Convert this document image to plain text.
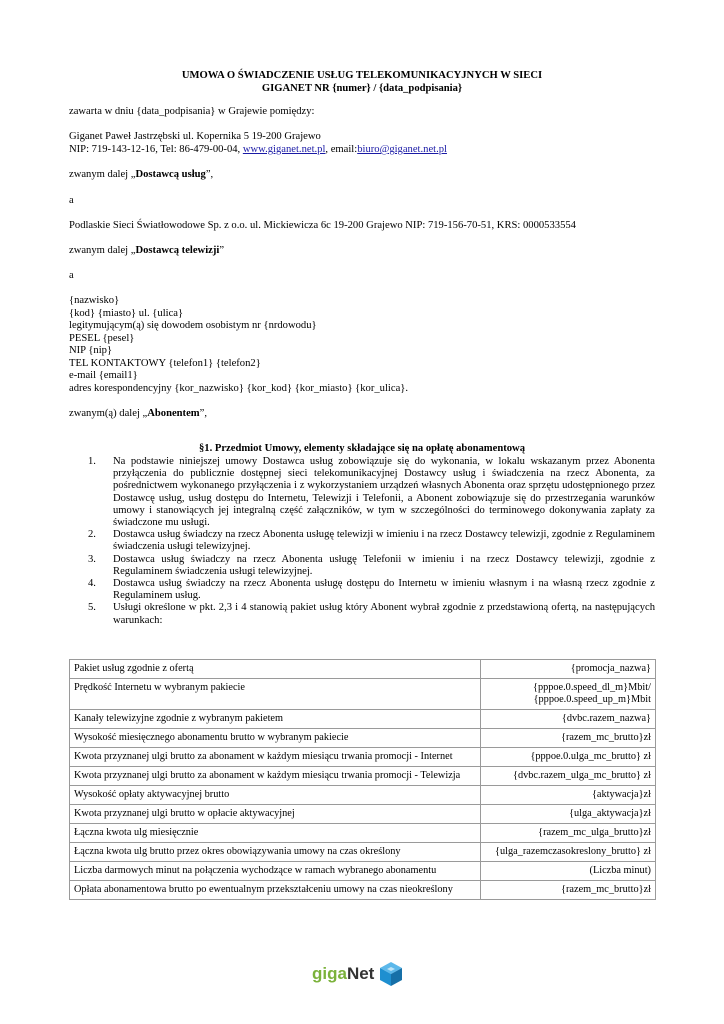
UMOWA O ŚWIADCZENIE USŁUG TELEKOMUNIKACYJNYCH W SIECI
GIGANET NR {numer} / {data_podpisania}
zawarta w dniu {data_podpisania} w Grajewie pomiędzy:
Giganet Paweł Jastrzębski ul. Kopernika 5 19-200 Grajewo
NIP: 719-143-12-16, Tel: 86-479-00-04, www.giganet.net.pl, email:biuro@giganet.net.pl
zwanym dalej „Dostawcą usług”,
a
Podlaskie Sieci Światłowodowe Sp. z o.o. ul. Mickiewicza 6c 19-200 Grajewo NIP: 719-156-70-51, KRS: 0000533554
zwanym dalej „Dostawcą telewizji”
a
{nazwisko}
{kod} {miasto} ul. {ulica}
legitymującym(ą) się dowodem osobistym nr {nrdowodu}
PESEL {pesel}
NIP {nip}
TEL KONTAKTOWY {telefon1} {telefon2}
e-mail {email1}
adres korespondencyjny {kor_nazwisko} {kor_kod} {kor_miasto} {kor_ulica}.
zwanym(ą) dalej „Abonentem”,
§1. Przedmiot Umowy, elementy składające się na opłatę abonamentową
1. Na podstawie niniejszej umowy Dostawca usług zobowiązuje się do wykonania, w lokalu wskazanym przez Abonenta przyłączenia do publicznie dostępnej sieci telekomunikacyjnej Dostawcy usług i świadczenia na rzecz Abonenta, za pośrednictwem wykonanego przyłączenia i z wykorzystaniem urządzeń własnych Abonenta oraz sprzętu udostępnionego przez Dostawcę usług, usług dostępu do Internetu, Telewizji i Telefonii, a Abonent zobowiązuje się do przestrzegania warunków umowy i stanowiących jej integralną część załączników, w tym w szczególności do terminowego dokonywania zapłaty za świadczone mu usługi.
2. Dostawca usług świadczy na rzecz Abonenta usługę telewizji w imieniu i na rzecz Dostawcy telewizji, zgodnie z Regulaminem świadczenia usługi telewizyjnej.
3. Dostawca usług świadczy na rzecz Abonenta usługę Telefonii w imieniu i na rzecz Dostawcy telewizji, zgodnie z Regulaminem świadczenia usługi telewizyjnej.
4. Dostawca usług świadczy na rzecz Abonenta usługę dostępu do Internetu w imieniu własnym i na własną rzecz zgodnie z Regulaminem usług.
5. Usługi określone w pkt. 2,3 i 4 stanowią pakiet usług który Abonent wybrał zgodnie z przedstawioną ofertą, na następujących warunkach:
Pakiet usług zgodnie z ofertą	{promocja_nazwa}
Prędkość Internetu w wybranym pakiecie	{pppoe.0.speed_dl_m}Mbit/
{pppoe.0.speed_up_m}Mbit

Kanały telewizyjne zgodnie z wybranym pakietem	{dvbc.razem_nazwa}
Wysokość miesięcznego abonamentu brutto w wybranym pakiecie	{razem_mc_brutto}zł
Kwota przyznanej ulgi brutto za abonament w każdym miesiącu trwania promocji - Internet	{pppoe.0.ulga_mc_brutto} zł
Kwota przyznanej ulgi brutto za abonament w każdym miesiącu trwania promocji - Telewizja	{dvbc.razem_ulga_mc_brutto} zł
Wysokość opłaty aktywacyjnej brutto	{aktywacja}zł
Kwota przyznanej ulgi brutto w opłacie aktywacyjnej	{ulga_aktywacja}zł
Łączna kwota ulg miesięcznie	{razem_mc_ulga_brutto}zł
Łączna kwota ulg brutto przez okres obowiązywania umowy na czas określony	{ulga_razemczasokreslony_brutto} zł
Liczba darmowych minut na połączenia wychodzące w ramach wybranego abonamentu	(Liczba minut)
Opłata abonamentowa brutto po ewentualnym przekształceniu umowy na czas nieokreślony	{razem_mc_brutto}zł
gigaNet
